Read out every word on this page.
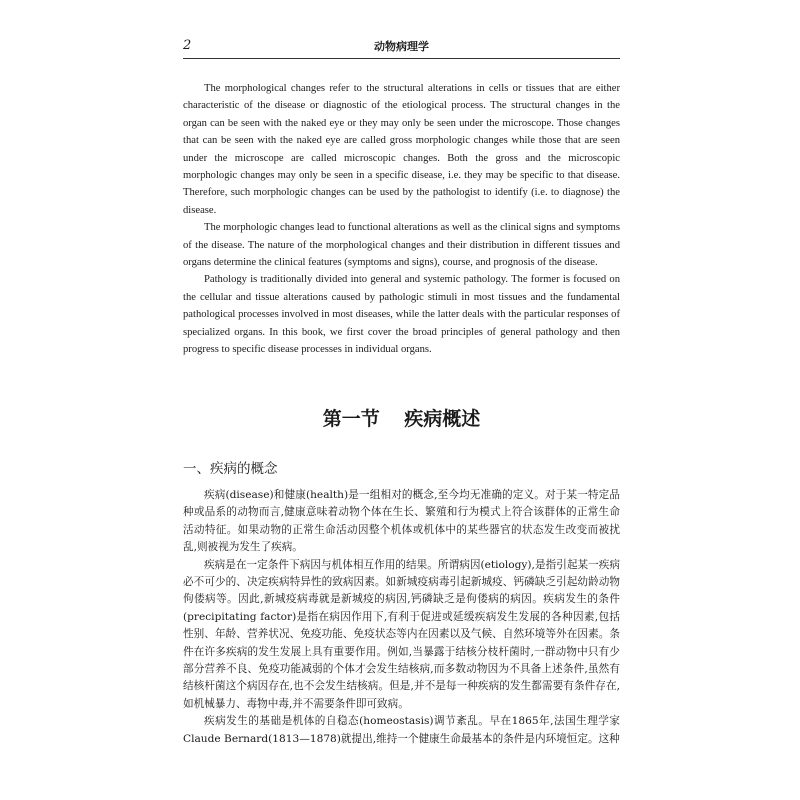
2	动物病理学

The morphological changes refer to the structural alterations in cells or tissues that are either characteristic of the disease or diagnostic of the etiological process. The structural changes in the organ can be seen with the naked eye or they may only be seen under the microscope. Those changes that can be seen with the naked eye are called gross morphologic changes while those that are seen under the microscope are called microscopic changes. Both the gross and the microscopic morphologic changes may only be seen in a specific disease, i.e. they may be specific to that disease. Therefore, such morphologic changes can be used by the pathologist to identify (i.e. to diagnose) the disease.

The morphologic changes lead to functional alterations as well as the clinical signs and symptoms of the disease. The nature of the morphological changes and their distribution in different tissues and organs determine the clinical features (symptoms and signs), course, and prognosis of the disease.

Pathology is traditionally divided into general and systemic pathology. The former is focused on the cellular and tissue alterations caused by pathologic stimuli in most tissues and the fundamental pathological processes involved in most diseases, while the latter deals with the particular responses of specialized organs. In this book, we first cover the broad principles of general pathology and then progress to specific disease processes in individual organs.

第一节 疾病概述
一、疾病的概念

疾病(disease)和健康(health)是一组相对的概念,至今均无准确的定义。对于某一特定品种或品系的动物而言,健康意味着动物个体在生长、繁殖和行为模式上符合该群体的正常生命活动特征。如果动物的正常生命活动因整个机体或机体中的某些器官的状态发生改变而被扰乱,则被视为发生了疾病。

疾病是在一定条件下病因与机体相互作用的结果。所谓病因(etiology),是指引起某一疾病必不可少的、决定疾病特异性的致病因素。如新城疫病毒引起新城疫、钙磷缺乏引起幼龄动物佝偻病等。因此,新城疫病毒就是新城疫的病因,钙磷缺乏是佝偻病的病因。疾病发生的条件(precipitating factor)是指在病因作用下,有利于促进或延缓疾病发生发展的各种因素,包括性别、年龄、营养状况、免疫功能、免疫状态等内在因素以及气候、自然环境等外在因素。条件在许多疾病的发生发展上具有重要作用。例如,当暴露于结核分枝杆菌时,一群动物中只有少部分营养不良、免疫功能减弱的个体才会发生结核病,而多数动物因为不具备上述条件,虽然有结核杆菌这个病因存在,也不会发生结核病。但是,并不是每一种疾病的发生都需要有条件存在,如机械暴力、毒物中毒,并不需要条件即可致病。

疾病发生的基础是机体的自稳态(homeostasis)调节紊乱。早在1865年,法国生理学家Claude Bernard(1813—1878)就提出,维持一个健康生命最基本的条件是内环境恒定。这种
